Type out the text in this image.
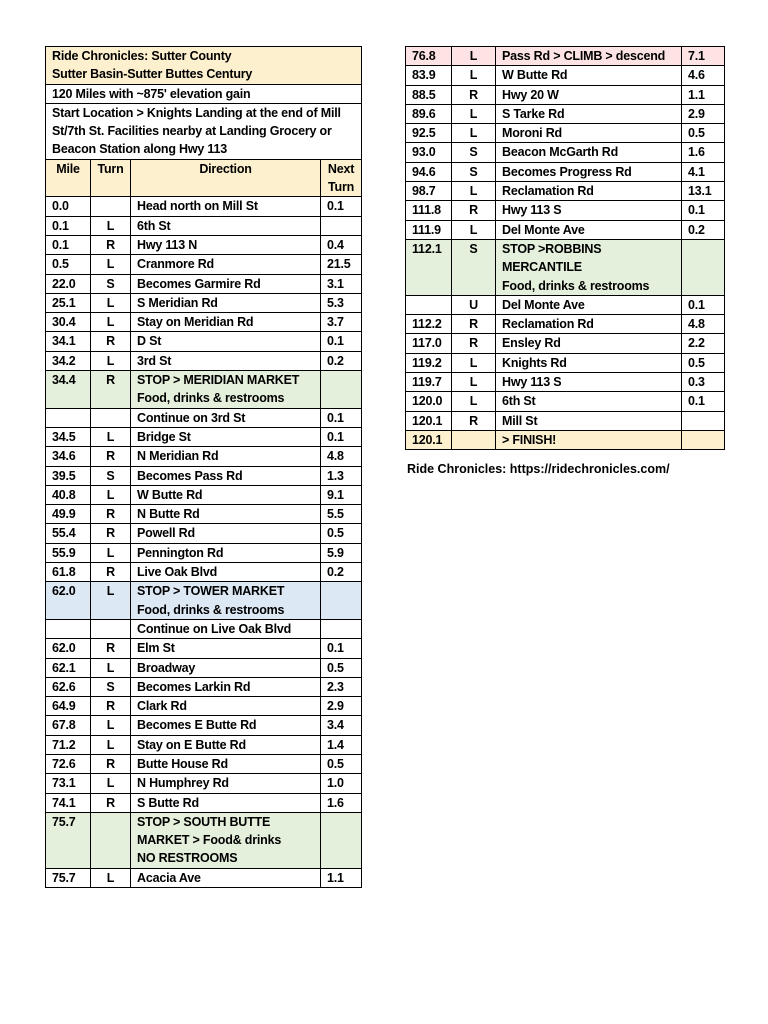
Ride Chronicles: Sutter County
Sutter Basin-Sutter Buttes Century			

120 Miles with ~875' elevation gain			
Start Location > Knights Landing at the end of Mill St/7th St. Facilities nearby at Landing Grocery or Beacon Station along Hwy 113			
Mile	Turn	Direction	Next Turn
0.0		Head north on Mill St	0.1
0.1	L	6th St	
0.1	R	Hwy 113 N	0.4
0.5	L	Cranmore Rd	21.5
22.0	S	Becomes Garmire Rd	3.1
25.1	L	S Meridian Rd	5.3
30.4	L	Stay on Meridian Rd	3.7
34.1	R	D St	0.1
34.2	L	3rd St	0.2
34.4	R	STOP > MERIDIAN MARKET
Food, drinks & restrooms	
		Continue on 3rd St	0.1
34.5	L	Bridge St	0.1
34.6	R	N Meridian Rd	4.8
39.5	S	Becomes Pass Rd	1.3
40.8	L	W Butte Rd	9.1
49.9	R	N Butte Rd	5.5
55.4	R	Powell Rd	0.5
55.9	L	Pennington Rd	5.9
61.8	R	Live Oak Blvd	0.2
62.0	L	STOP > TOWER MARKET
Food, drinks & restrooms	
		Continue on Live Oak Blvd	
62.0	R	Elm St	0.1
62.1	L	Broadway	0.5
62.6	S	Becomes Larkin Rd	2.3
64.9	R	Clark Rd	2.9
67.8	L	Becomes E Butte Rd	3.4
71.2	L	Stay on E Butte Rd	1.4
72.6	R	Butte House Rd	0.5
73.1	L	N Humphrey Rd	1.0
74.1	R	S Butte Rd	1.6
75.7		STOP > SOUTH BUTTE
MARKET > Food& drinks
NO RESTROOMS	
75.7	L	Acacia Ave	1.1
76.8	L	Pass Rd > CLIMB > descend	7.1
83.9	L	W Butte Rd	4.6
88.5	R	Hwy 20 W	1.1
89.6	L	S Tarke Rd	2.9
92.5	L	Moroni Rd	0.5
93.0	S	Beacon McGarth Rd	1.6
94.6	S	Becomes Progress Rd	4.1
98.7	L	Reclamation Rd	13.1
111.8	R	Hwy 113 S	0.1
111.9	L	Del Monte Ave	0.2
112.1	S	STOP >ROBBINS
MERCANTILE
Food, drinks & restrooms	
	U	Del Monte Ave	0.1
112.2	R	Reclamation Rd	4.8
117.0	R	Ensley Rd	2.2
119.2	L	Knights Rd	0.5
119.7	L	Hwy 113 S	0.3
120.0	L	6th St	0.1
120.1	R	Mill St	
120.1		> FINISH!	
Ride Chronicles: https://ridechronicles.com/
